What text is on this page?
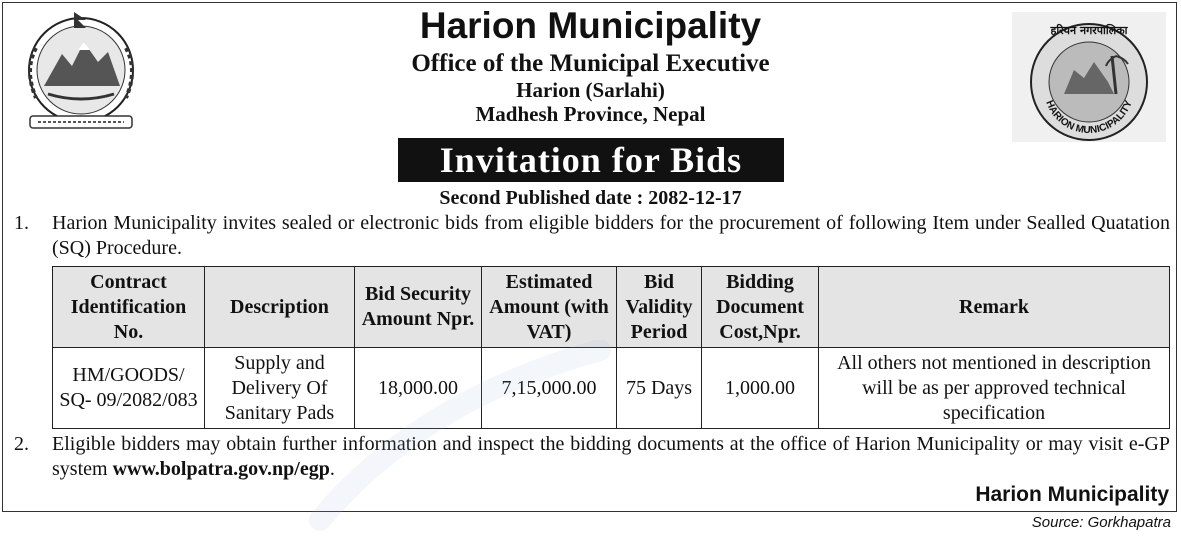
HARION MUNICIPALITY
हरियन नगरपालिका
Harion Municipality
Office of the Municipal Executive
Harion (Sarlahi)
Madhesh Province, Nepal
Invitation for Bids
Second Published date : 2082-12-17
1. Harion Municipality invites sealed or electronic bids from eligible bidders for the procurement of following Item under Sealled Quatation (SQ) Procedure.
Contract Identification No.	Description	Bid Security Amount Npr.	Estimated Amount (with VAT)	Bid Validity Period	Bidding Document Cost,Npr.	Remark
HM/GOODS/ SQ- 09/2082/083	Supply and Delivery Of Sanitary Pads	18,000.00	7,15,000.00	75 Days	1,000.00	All others not mentioned in description will be as per approved technical specification
2. Eligible bidders may obtain further information and inspect the bidding documents at the office of Harion Municipality or may visit e-GP system www.bolpatra.gov.np/egp.
Harion Municipality
Source: Gorkhapatra
